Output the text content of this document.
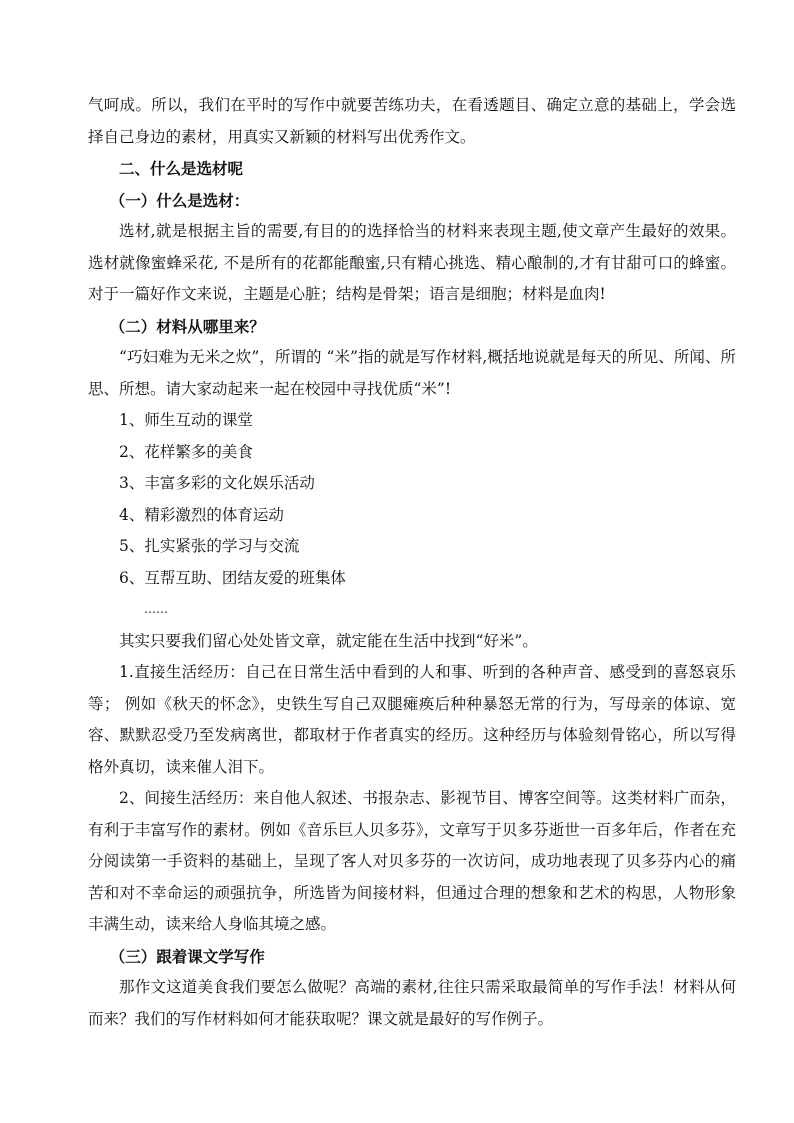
气呵成。所以，我们在平时的写作中就要苦练功夫，在看透题目、确定立意的基础上，学会选择自己身边的素材，用真实又新颖的材料写出优秀作文。

二、什么是选材呢

（一）什么是选材：

选材,就是根据主旨的需要,有目的的选择恰当的材料来表现主题,使文章产生最好的效果。选材就像蜜蜂采花, 不是所有的花都能酿蜜,只有精心挑选、精心酿制的,才有甘甜可口的蜂蜜。对于一篇好作文来说，主题是心脏；结构是骨架；语言是细胞；材料是血肉!

（二）材料从哪里来？

“巧妇难为无米之炊”，所谓的 “米”指的就是写作材料,概括地说就是每天的所见、所闻、所思、所想。请大家动起来一起在校园中寻找优质“米”!

1、师生互动的课堂

2、花样繁多的美食

3、丰富多彩的文化娱乐活动

4、精彩激烈的体育运动

5、扎实紧张的学习与交流

6、互帮互助、团结友爱的班集体

……

其实只要我们留心处处皆文章，就定能在生活中找到“好米”。

1.直接生活经历：自己在日常生活中看到的人和事、听到的各种声音、感受到的喜怒哀乐等； 例如《秋天的怀念》，史铁生写自己双腿瘫痪后种种暴怒无常的行为，写母亲的体谅、宽容、默默忍受乃至发病离世，都取材于作者真实的经历。这种经历与体验刻骨铭心，所以写得格外真切，读来催人泪下。

2、间接生活经历：来自他人叙述、书报杂志、影视节目、博客空间等。这类材料广而杂，有利于丰富写作的素材。例如《音乐巨人贝多芬》，文章写于贝多芬逝世一百多年后，作者在充分阅读第一手资料的基础上，呈现了客人对贝多芬的一次访问，成功地表现了贝多芬内心的痛苦和对不幸命运的顽强抗争，所选皆为间接材料，但通过合理的想象和艺术的构思，人物形象丰满生动，读来给人身临其境之感。

（三）跟着课文学写作

那作文这道美食我们要怎么做呢？高端的素材,往往只需采取最简单的写作手法！材料从何而来？我们的写作材料如何才能获取呢？课文就是最好的写作例子。
